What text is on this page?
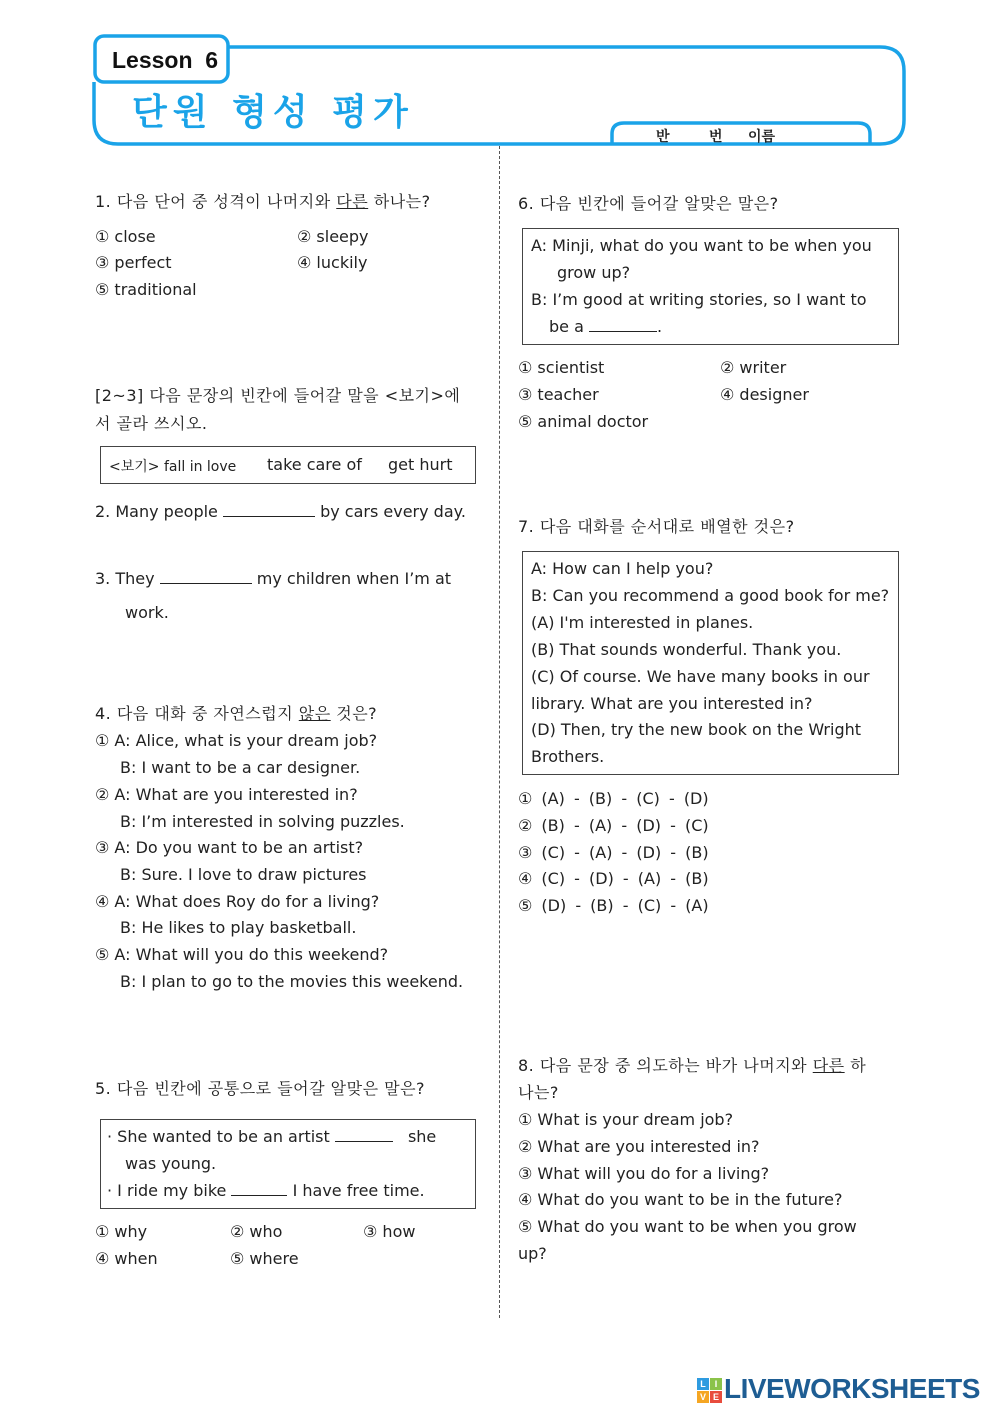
Lesson  6
단원 형성 평가
반	번 이름
1. 다음 단어 중 성격이 나머지와 다른 하나는?
① close	② sleepy
③ perfect	④ luckily
⑤ traditional
[2~3] 다음 문장의 빈칸에 들어갈 말을 <보기>에
서 골라 쓰시오.
<보기> fall in love take care of get hurt
2. Many people	by cars every day.
3. They	my children when I’m at
work.
4. 다음 대화 중 자연스럽지 않은 것은?
① A: Alice, what is your dream job?
B: I want to be a car designer.
② A: What are you interested in?
B: I’m interested in solving puzzles.
③ A: Do you want to be an artist?
B: Sure. I love to draw pictures
④ A: What does Roy do for a living?
B: He likes to play basketball.
⑤ A: What will you do this weekend?
B: I plan to go to the movies this weekend.
5. 다음 빈칸에 공통으로 들어갈 알맞은 말은?
· She wanted to be an artist	she
was young.
· I ride my bike	I have free time.
① why	② who	③ how
④ when	⑤ where
6. 다음 빈칸에 들어갈 알맞은 말은?
A: Minji, what do you want to be when you
grow up?
B: I’m good at writing stories, so I want to
be a	.
① scientist	② writer
③ teacher	④ designer
⑤ animal doctor
7. 다음 대화를 순서대로 배열한 것은?
A: How can I help you?
B: Can you recommend a good book for me?
(A) I'm interested in planes.
(B) That sounds wonderful. Thank you.
(C) Of course. We have many books in our
library. What are you interested in?
(D) Then, try the new book on the Wright
Brothers.
① (A) - (B) - (C) - (D)
② (B) - (A) - (D) - (C)
③ (C) - (A) - (D) - (B)
④ (C) - (D) - (A) - (B)
⑤ (D) - (B) - (C) - (A)
8. 다음 문장 중 의도하는 바가 나머지와 다른 하
나는?
① What is your dream job?
② What are you interested in?
③ What will you do for a living?
④ What do you want to be in the future?
⑤ What do you want to be when you grow
up?
L I
V E LIVEWORKSHEETS
